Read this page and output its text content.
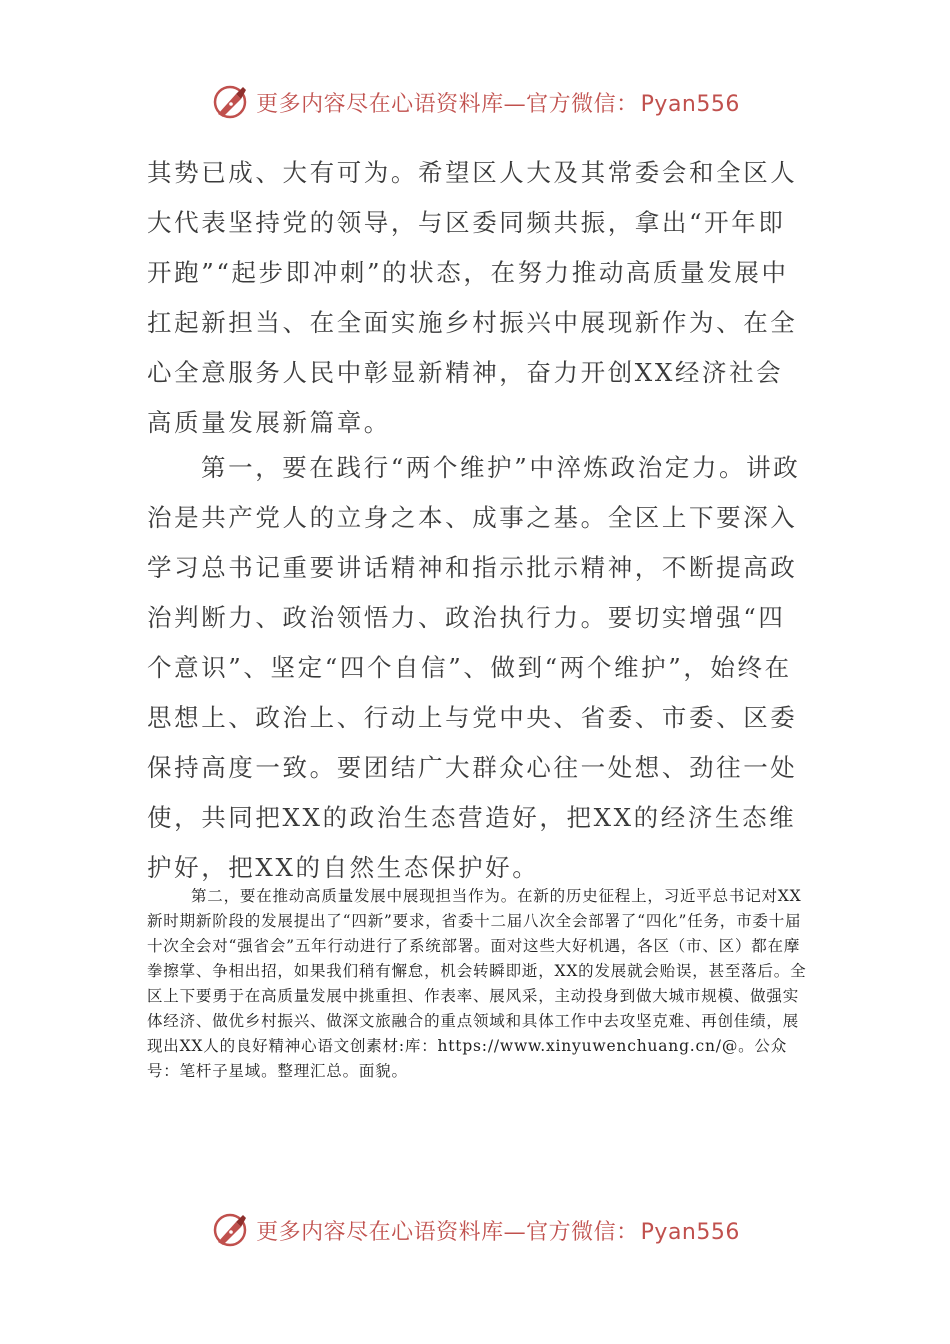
更多内容尽在心语资料库—官方微信：Pyan556

其势已成、大有可为。希望区人大及其常委会和全区人大代表坚持党的领导，与区委同频共振，拿出“开年即开跑”“起步即冲刺”的状态，在努力推动高质量发展中扛起新担当、在全面实施乡村振兴中展现新作为、在全心全意服务人民中彰显新精神，奋力开创XX经济社会高质量发展新篇章。

第一，要在践行“两个维护”中淬炼政治定力。讲政治是共产党人的立身之本、成事之基。全区上下要深入学习总书记重要讲话精神和指示批示精神，不断提高政治判断力、政治领悟力、政治执行力。要切实增强“四个意识”、坚定“四个自信”、做到“两个维护”，始终在思想上、政治上、行动上与党中央、省委、市委、区委保持高度一致。要团结广大群众心往一处想、劲往一处使，共同把XX的政治生态营造好，把XX的经济生态维护好，把XX的自然生态保护好。

第二，要在推动高质量发展中展现担当作为。在新的历史征程上，习近平总书记对XX新时期新阶段的发展提出了“四新”要求，省委十二届八次全会部署了“四化”任务，市委十届十次全会对“强省会”五年行动进行了系统部署。面对这些大好机遇，各区（市、区）都在摩拳擦掌、争相出招，如果我们稍有懈怠，机会转瞬即逝，XX的发展就会贻误，甚至落后。全区上下要勇于在高质量发展中挑重担、作表率、展风采，主动投身到做大城市规模、做强实体经济、做优乡村振兴、做深文旅融合的重点领域和具体工作中去攻坚克难、再创佳绩，展现出XX人的良好精神心语文创素材:库：https://www.xinyuwenchuang.cn/@。公众号：笔杆子星域。整理汇总。面貌。

更多内容尽在心语资料库—官方微信：Pyan556
